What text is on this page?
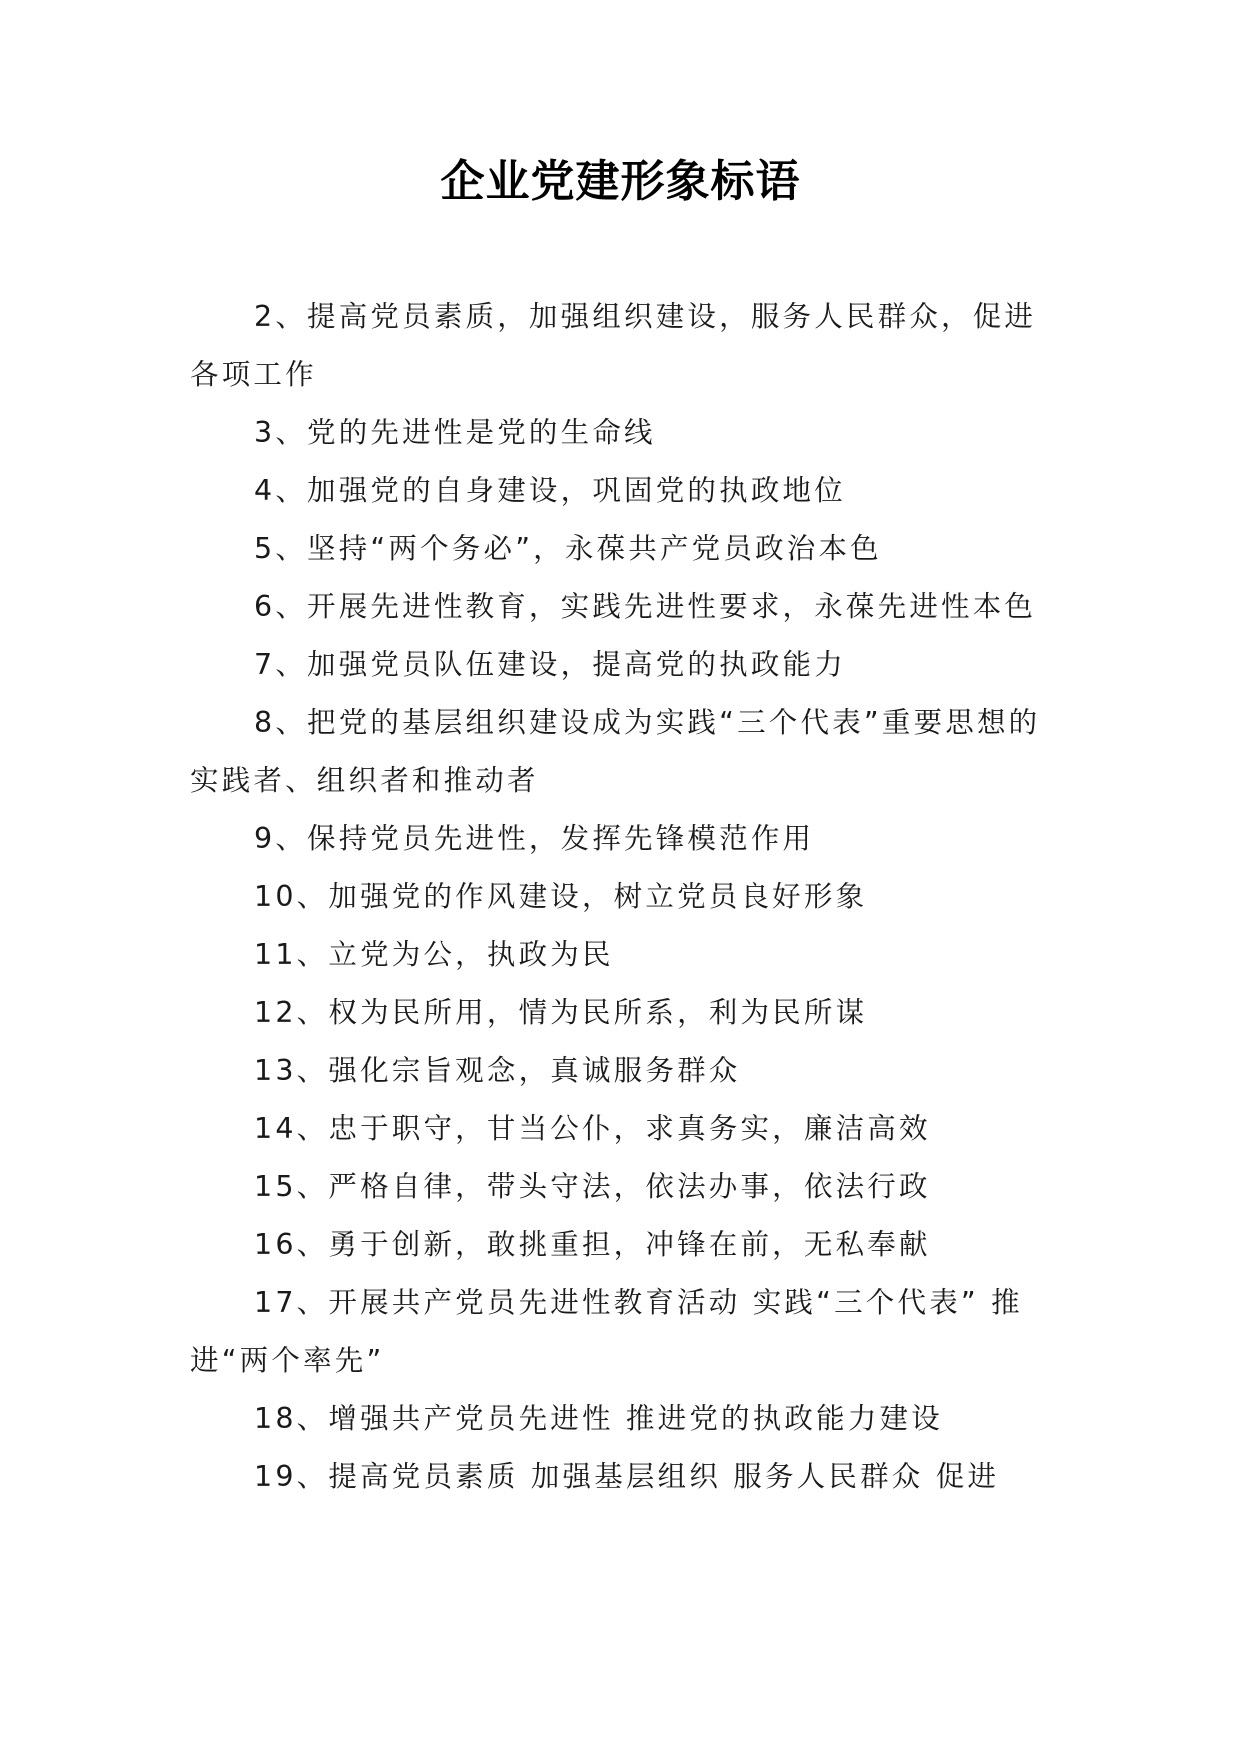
企业党建形象标语

2、提高党员素质，加强组织建设，服务人民群众，促进各项工作

3、党的先进性是党的生命线

4、加强党的自身建设，巩固党的执政地位

5、坚持“两个务必”，永葆共产党员政治本色

6、开展先进性教育，实践先进性要求，永葆先进性本色

7、加强党员队伍建设，提高党的执政能力

8、把党的基层组织建设成为实践“三个代表”重要思想的实践者、组织者和推动者

9、保持党员先进性，发挥先锋模范作用

10、加强党的作风建设，树立党员良好形象

11、立党为公，执政为民

12、权为民所用，情为民所系，利为民所谋

13、强化宗旨观念，真诚服务群众

14、忠于职守，甘当公仆，求真务实，廉洁高效

15、严格自律，带头守法，依法办事，依法行政

16、勇于创新，敢挑重担，冲锋在前，无私奉献

17、开展共产党员先进性教育活动 实践“三个代表” 推进“两个率先”

18、增强共产党员先进性 推进党的执政能力建设

19、提高党员素质 加强基层组织 服务人民群众 促进
